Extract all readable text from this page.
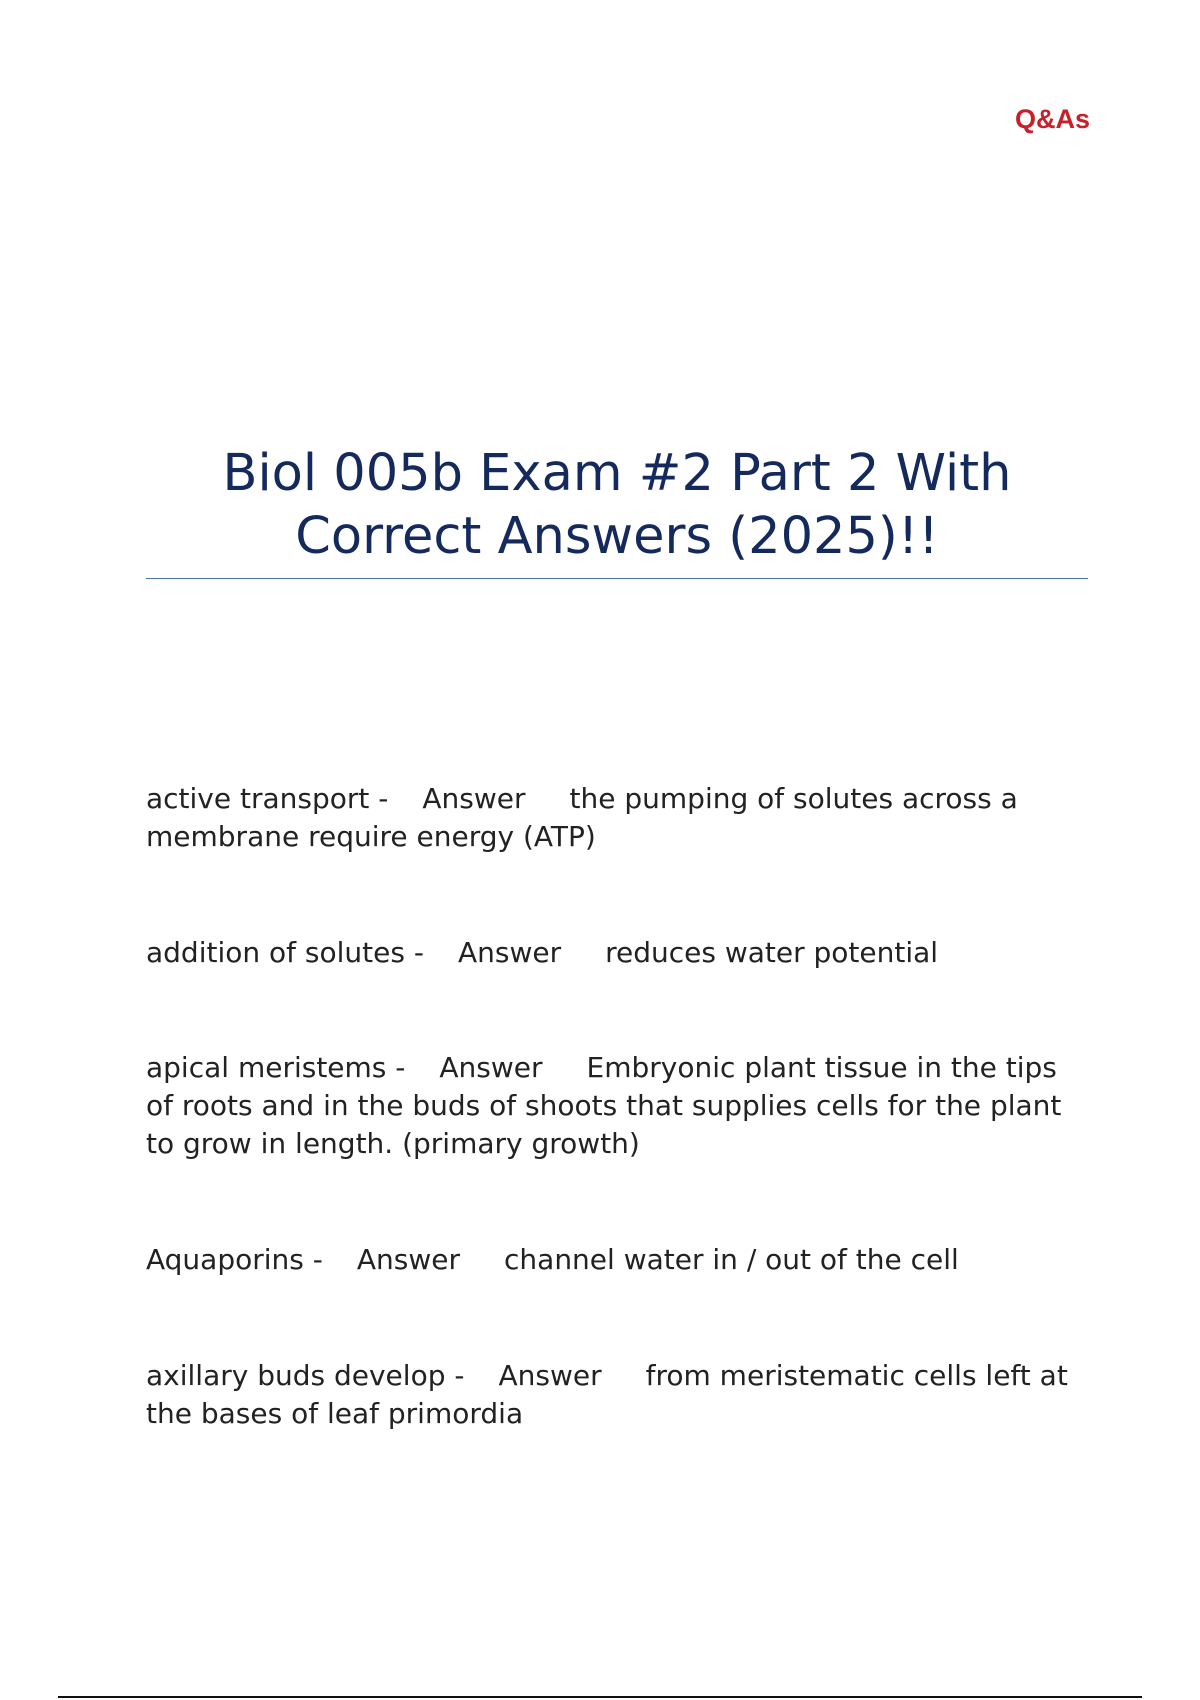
Q&As
Biol 005b Exam #2 Part 2 With
Correct Answers (2025)!!

active transport - Answer the pumping of solutes across a membrane require energy (ATP)

addition of solutes - Answer reduces water potential

apical meristems - Answer Embryonic plant tissue in the tips of roots and in the buds of shoots that supplies cells for the plant to grow in length. (primary growth)

Aquaporins - Answer channel water in / out of the cell

axillary buds develop - Answer from meristematic cells left at the bases of leaf primordia
